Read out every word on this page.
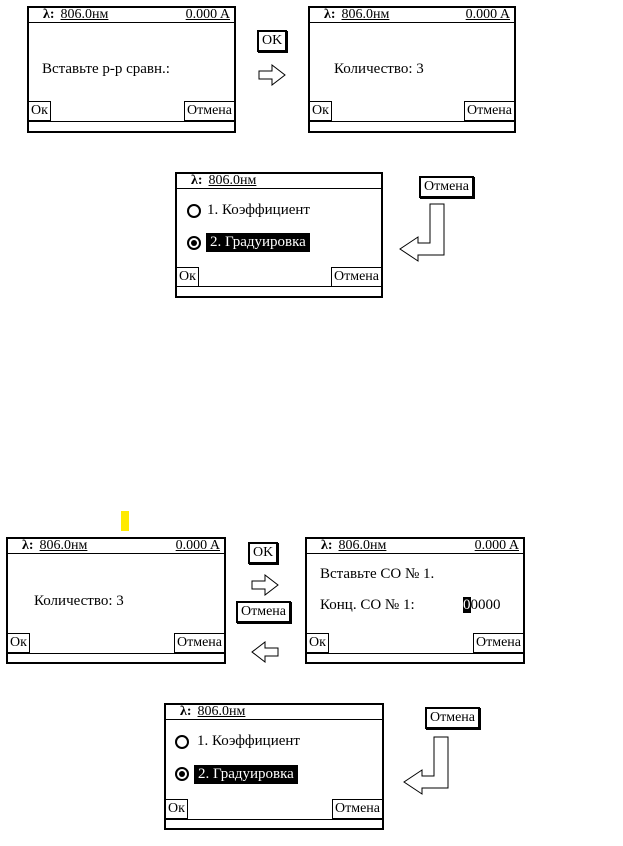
λ: 806.0нм	0.000 A
Вставьте р-р сравн.:
Ок	Отмена
OK
λ: 806.0нм	0.000 A
Количество: 3
Ок	Отмена
λ: 806.0нм
1. Коэффициент
2. Градуировка
Ок	Отмена
Отмена
λ: 806.0нм	0.000 A
Количество: 3
Ок	Отмена
OK
Отмена
λ: 806.0нм	0.000 A
Вставьте СО № 1.
Конц. СО № 1:	00000
Ок	Отмена
λ: 806.0нм
1. Коэффициент
2. Градуировка
Ок	Отмена
Отмена
